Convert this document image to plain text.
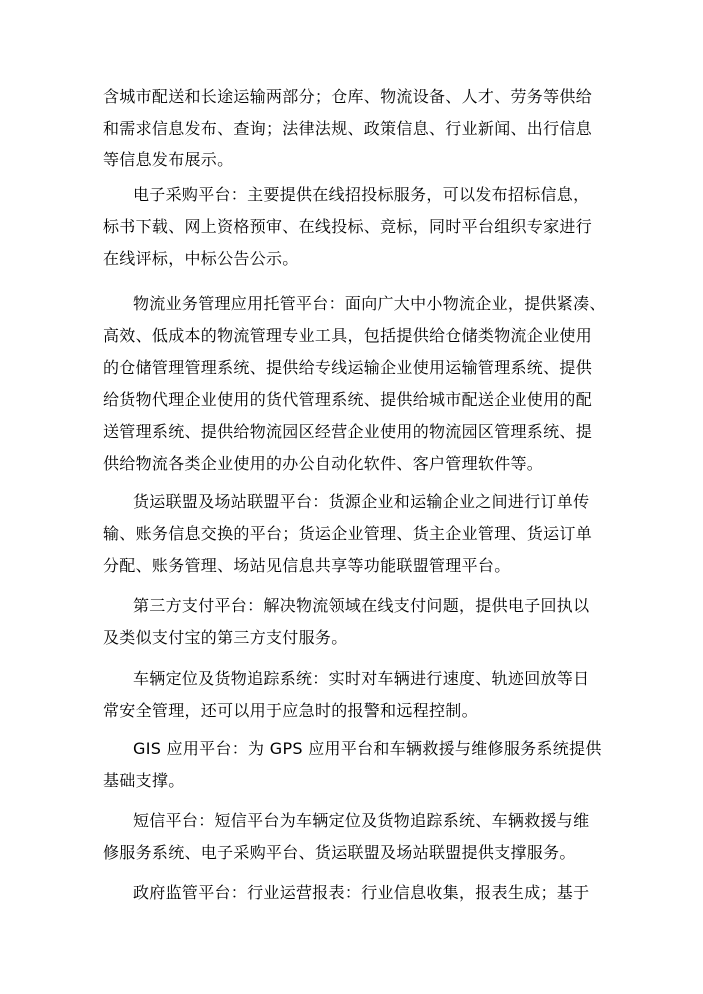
含城市配送和长途运输两部分；仓库、物流设备、人才、劳务等供给

和需求信息发布、查询；法律法规、政策信息、行业新闻、出行信息

等信息发布展示。

电子采购平台：主要提供在线招投标服务，可以发布招标信息，

标书下载、网上资格预审、在线投标、竞标，同时平台组织专家进行

在线评标，中标公告公示。

物流业务管理应用托管平台：面向广大中小物流企业，提供紧凑、

高效、低成本的物流管理专业工具，包括提供给仓储类物流企业使用

的仓储管理管理系统、提供给专线运输企业使用运输管理系统、提供

给货物代理企业使用的货代管理系统、提供给城市配送企业使用的配

送管理系统、提供给物流园区经营企业使用的物流园区管理系统、提

供给物流各类企业使用的办公自动化软件、客户管理软件等。

货运联盟及场站联盟平台：货源企业和运输企业之间进行订单传

输、账务信息交换的平台；货运企业管理、货主企业管理、货运订单

分配、账务管理、场站见信息共享等功能联盟管理平台。

第三方支付平台：解决物流领域在线支付问题，提供电子回执以

及类似支付宝的第三方支付服务。

车辆定位及货物追踪系统：实时对车辆进行速度、轨迹回放等日

常安全管理，还可以用于应急时的报警和远程控制。

GIS 应用平台：为 GPS 应用平台和车辆救援与维修服务系统提供

基础支撑。

短信平台：短信平台为车辆定位及货物追踪系统、车辆救援与维

修服务系统、电子采购平台、货运联盟及场站联盟提供支撑服务。

政府监管平台：行业运营报表：行业信息收集，报表生成；基于
